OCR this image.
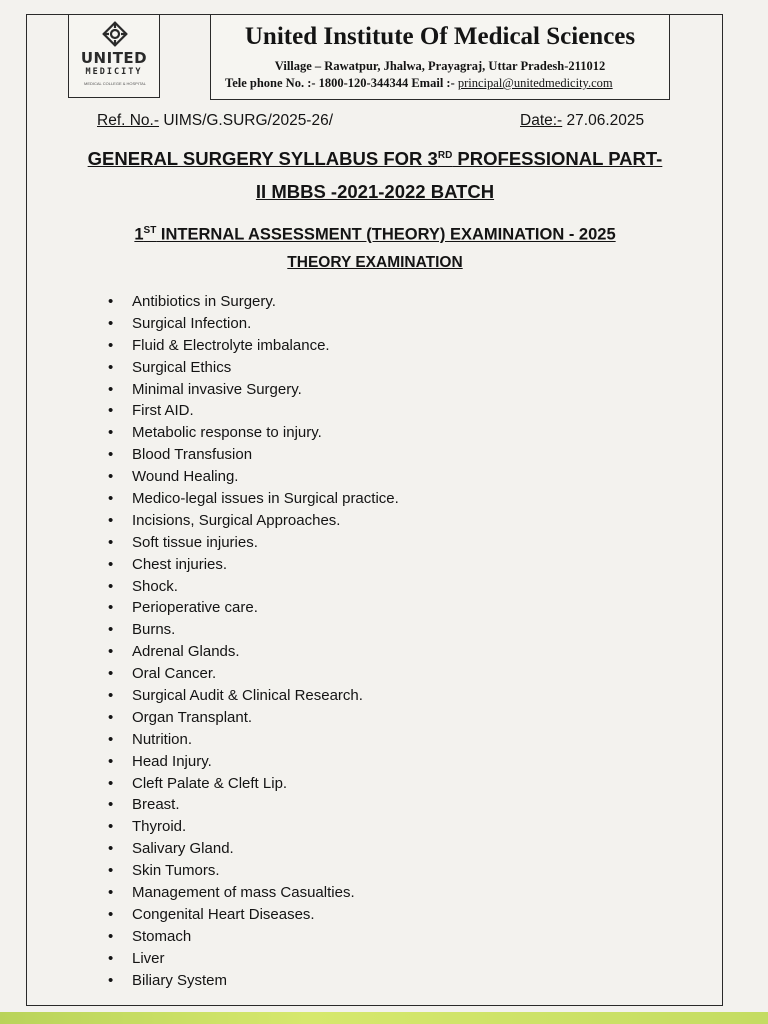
UNITED
MEDICITY
MEDICAL COLLEGE & HOSPITAL
United Institute Of Medical Sciences
Village – Rawatpur, Jhalwa, Prayagraj, Uttar Pradesh-211012
Tele phone No. :- 1800-120-344344 Email :- principal@unitedmedicity.com
Ref. No.- UIMS/G.SURG/2025-26/	Date:- 27.06.2025
GENERAL SURGERY SYLLABUS FOR 3RD PROFESSIONAL PART-
II MBBS -2021-2022 BATCH
1ST INTERNAL ASSESSMENT (THEORY) EXAMINATION - 2025
THEORY EXAMINATION
• Antibiotics in Surgery.
• Surgical Infection.
• Fluid & Electrolyte imbalance.
• Surgical Ethics
• Minimal invasive Surgery.
• First AID.
• Metabolic response to injury.
• Blood Transfusion
• Wound Healing.
• Medico-legal issues in Surgical practice.
• Incisions, Surgical Approaches.
• Soft tissue injuries.
• Chest injuries.
• Shock.
• Perioperative care.
• Burns.
• Adrenal Glands.
• Oral Cancer.
• Surgical Audit & Clinical Research.
• Organ Transplant.
• Nutrition.
• Head Injury.
• Cleft Palate & Cleft Lip.
• Breast.
• Thyroid.
• Salivary Gland.
• Skin Tumors.
• Management of mass Casualties.
• Congenital Heart Diseases.
• Stomach
• Liver
• Biliary System
